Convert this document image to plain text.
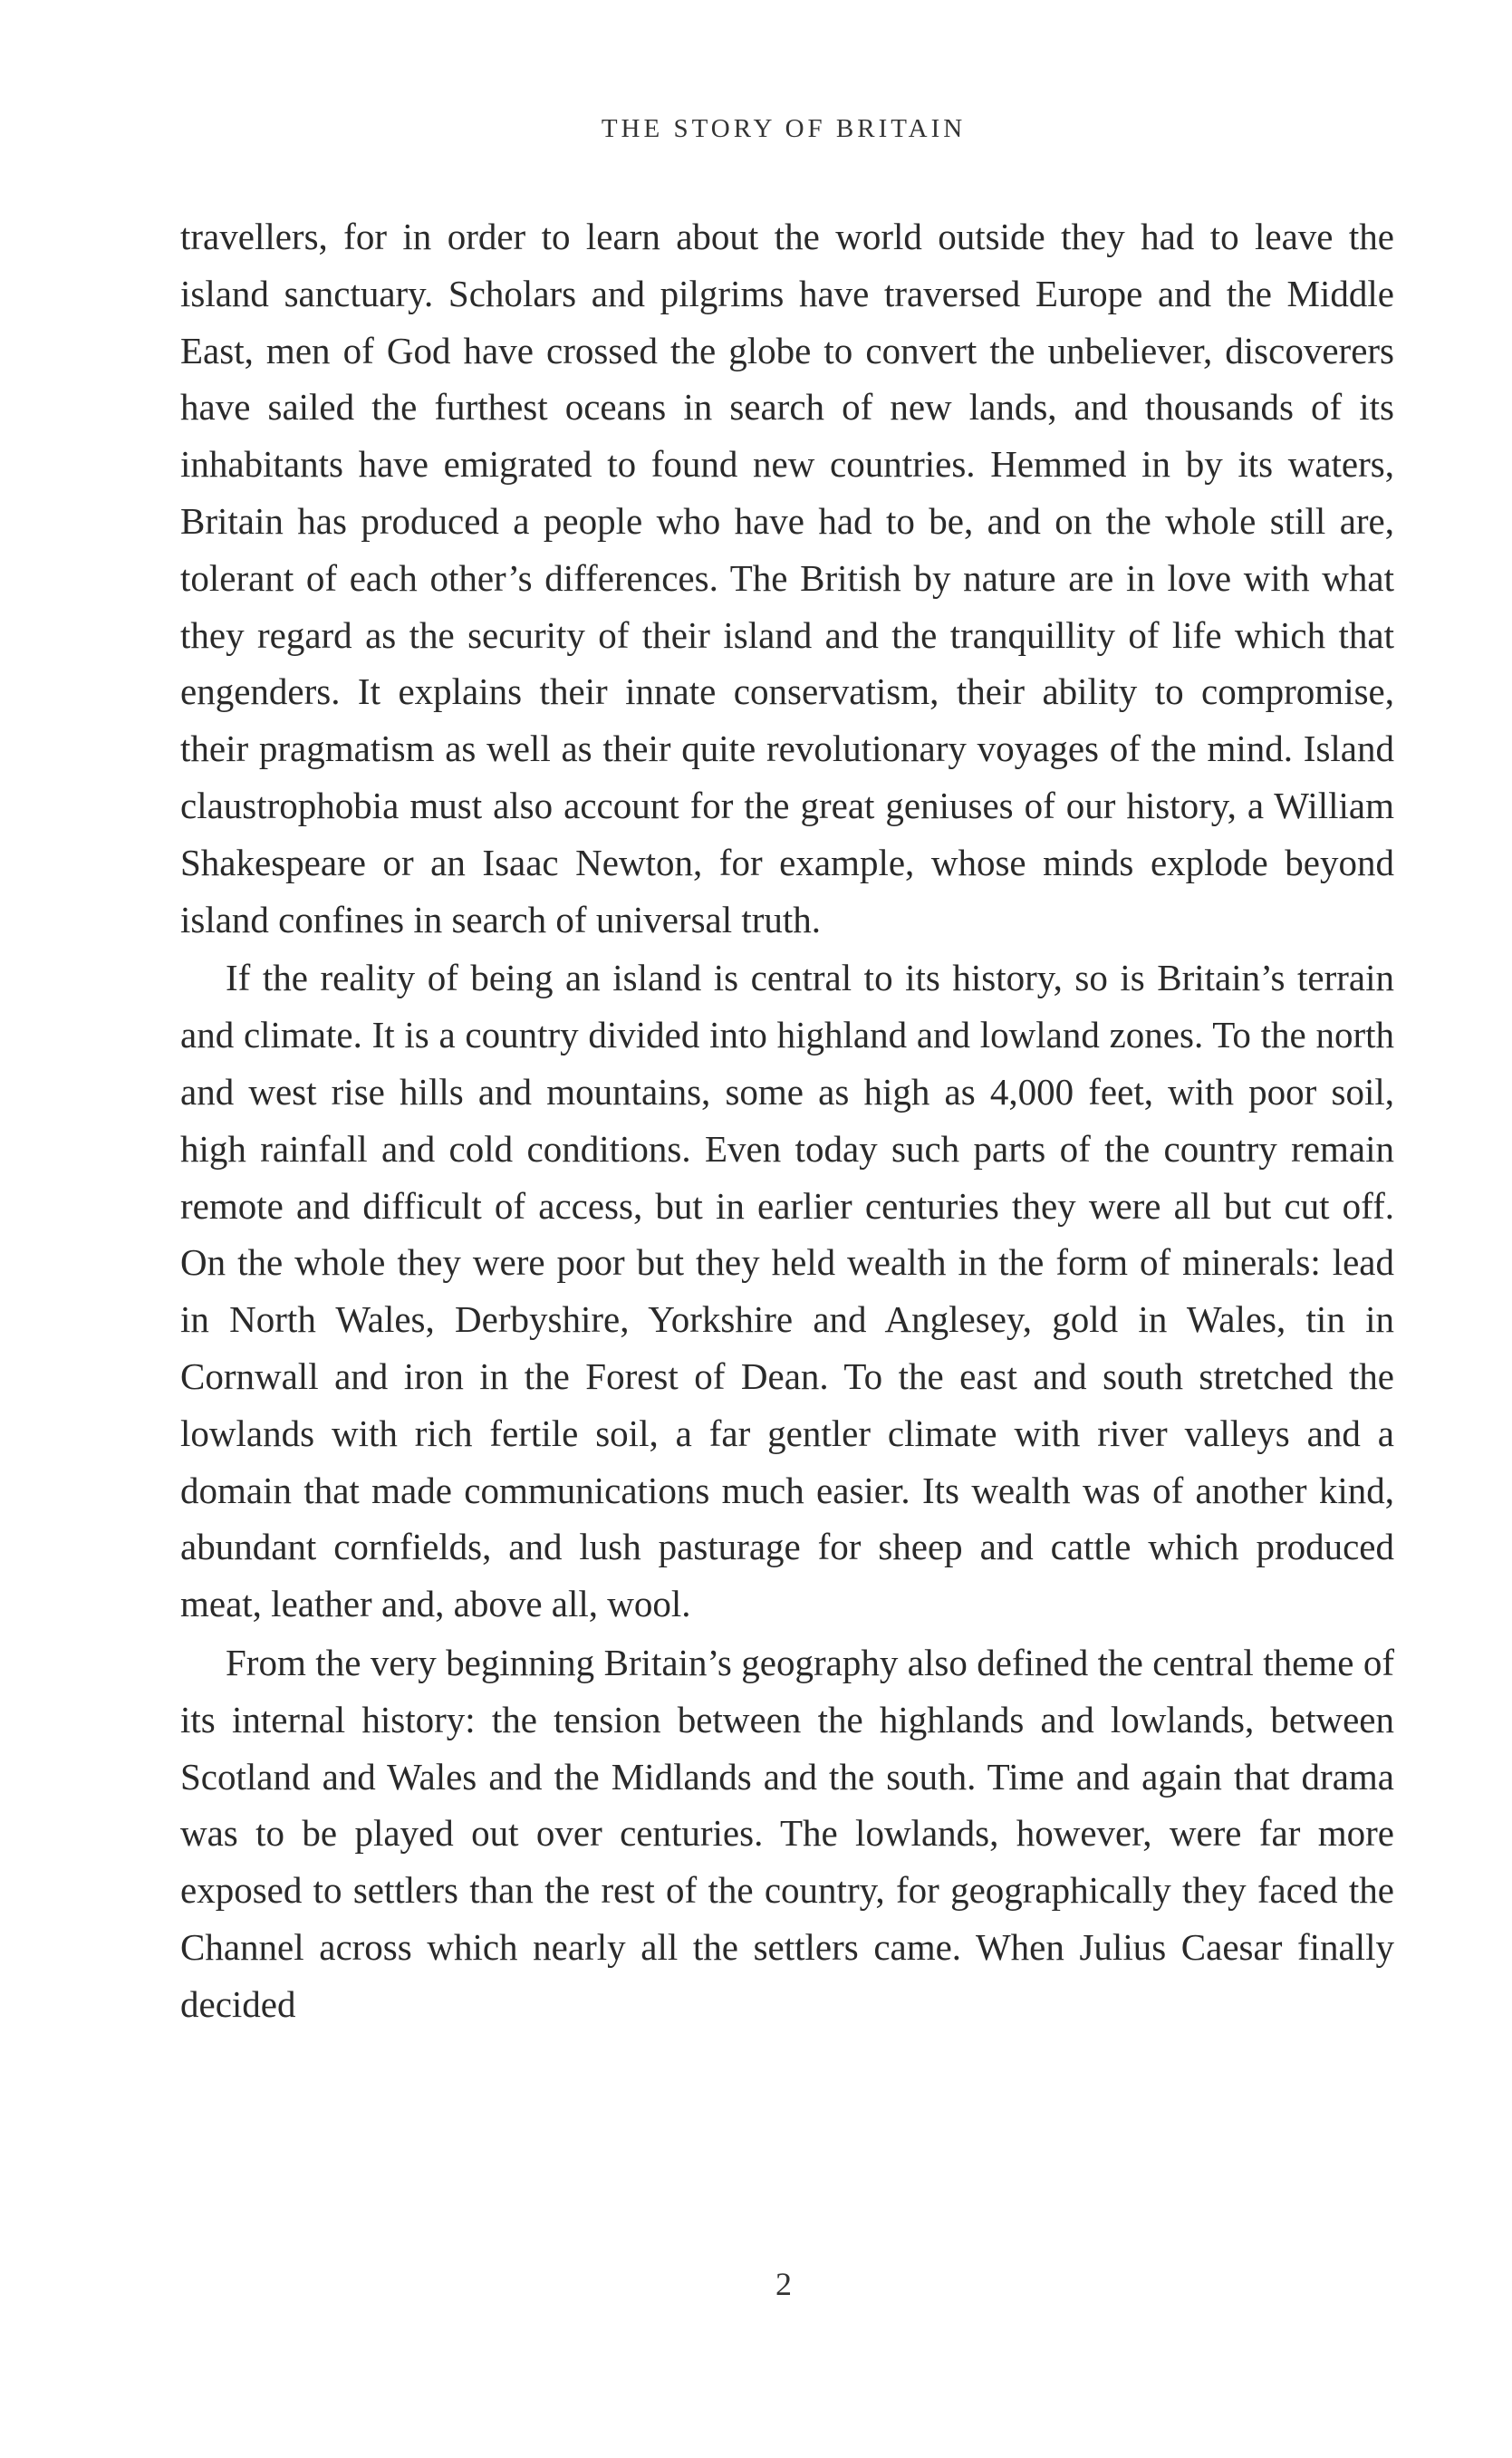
THE STORY OF BRITAIN

travellers, for in order to learn about the world outside they had to leave the island sanctuary. Scholars and pilgrims have traversed Europe and the Middle East, men of God have crossed the globe to convert the unbeliever, discoverers have sailed the furthest oceans in search of new lands, and thousands of its inhabitants have emigrated to found new countries. Hemmed in by its waters, Britain has produced a people who have had to be, and on the whole still are, tolerant of each other’s differences. The British by nature are in love with what they regard as the security of their island and the tranquillity of life which that engenders. It explains their innate conservatism, their ability to compromise, their pragmatism as well as their quite revolutionary voyages of the mind. Island claustrophobia must also account for the great geniuses of our history, a William Shakespeare or an Isaac Newton, for example, whose minds explode beyond island confines in search of universal truth.

If the reality of being an island is central to its history, so is Britain’s terrain and climate. It is a country divided into highland and lowland zones. To the north and west rise hills and mountains, some as high as 4,000 feet, with poor soil, high rainfall and cold conditions. Even today such parts of the country remain remote and difficult of access, but in earlier centuries they were all but cut off. On the whole they were poor but they held wealth in the form of minerals: lead in North Wales, Derbyshire, Yorkshire and Anglesey, gold in Wales, tin in Cornwall and iron in the Forest of Dean. To the east and south stretched the lowlands with rich fertile soil, a far gentler climate with river valleys and a domain that made communications much easier. Its wealth was of another kind, abundant cornfields, and lush pasturage for sheep and cattle which produced meat, leather and, above all, wool.

From the very beginning Britain’s geography also defined the central theme of its internal history: the tension between the highlands and lowlands, between Scotland and Wales and the Midlands and the south. Time and again that drama was to be played out over centuries. The lowlands, however, were far more exposed to settlers than the rest of the country, for geographically they faced the Channel across which nearly all the settlers came. When Julius Caesar finally decided

2
